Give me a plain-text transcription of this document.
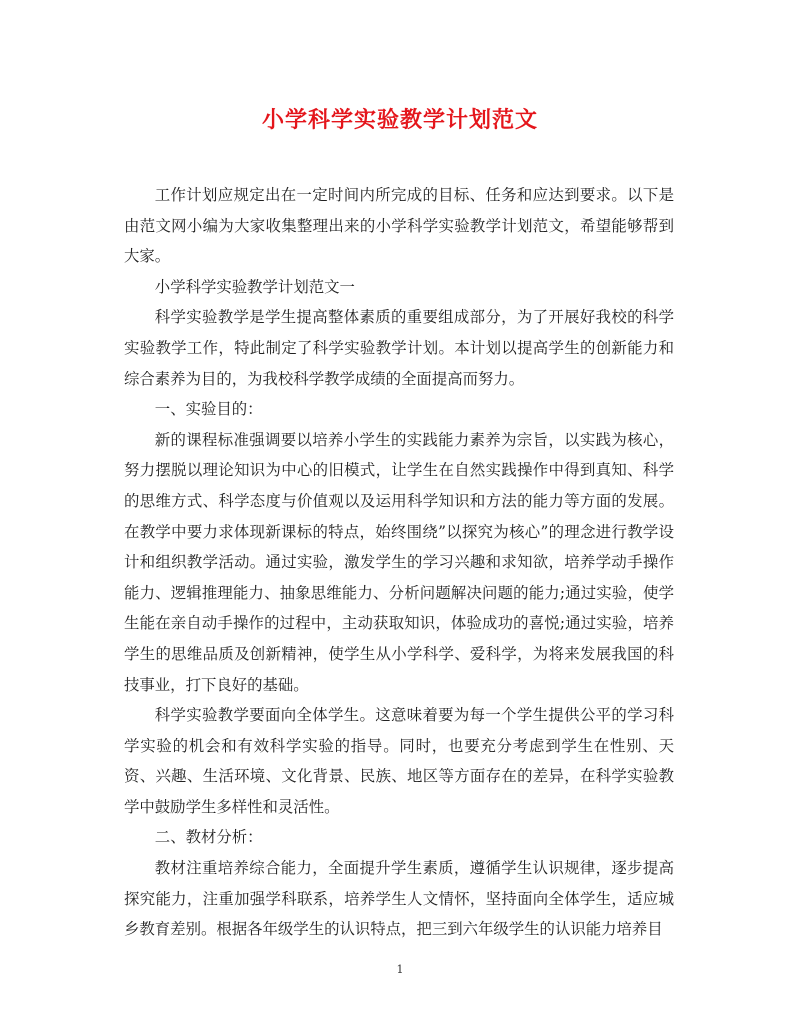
小学科学实验教学计划范文

工作计划应规定出在一定时间内所完成的目标、任务和应达到要求。以下是由范文网小编为大家收集整理出来的小学科学实验教学计划范文，希望能够帮到大家。

小学科学实验教学计划范文一

科学实验教学是学生提高整体素质的重要组成部分，为了开展好我校的科学实验教学工作，特此制定了科学实验教学计划。本计划以提高学生的创新能力和综合素养为目的，为我校科学教学成绩的全面提高而努力。

一、实验目的：

新的课程标准强调要以培养小学生的实践能力素养为宗旨，以实践为核心，努力摆脱以理论知识为中心的旧模式，让学生在自然实践操作中得到真知、科学的思维方式、科学态度与价值观以及运用科学知识和方法的能力等方面的发展。在教学中要力求体现新课标的特点，始终围绕”以探究为核心”的理念进行教学设计和组织教学活动。通过实验，激发学生的学习兴趣和求知欲，培养学动手操作能力、逻辑推理能力、抽象思维能力、分析问题解决问题的能力;通过实验，使学生能在亲自动手操作的过程中，主动获取知识，体验成功的喜悦;通过实验，培养学生的思维品质及创新精神，使学生从小学科学、爱科学，为将来发展我国的科技事业，打下良好的基础。

科学实验教学要面向全体学生。这意味着要为每一个学生提供公平的学习科学实验的机会和有效科学实验的指导。同时，也要充分考虑到学生在性别、天资、兴趣、生活环境、文化背景、民族、地区等方面存在的差异，在科学实验教学中鼓励学生多样性和灵活性。

二、教材分析：

教材注重培养综合能力，全面提升学生素质，遵循学生认识规律，逐步提高探究能力，注重加强学科联系，培养学生人文情怀，坚持面向全体学生，适应城乡教育差别。根据各年级学生的认识特点，把三到六年级学生的认识能力培养目

1
